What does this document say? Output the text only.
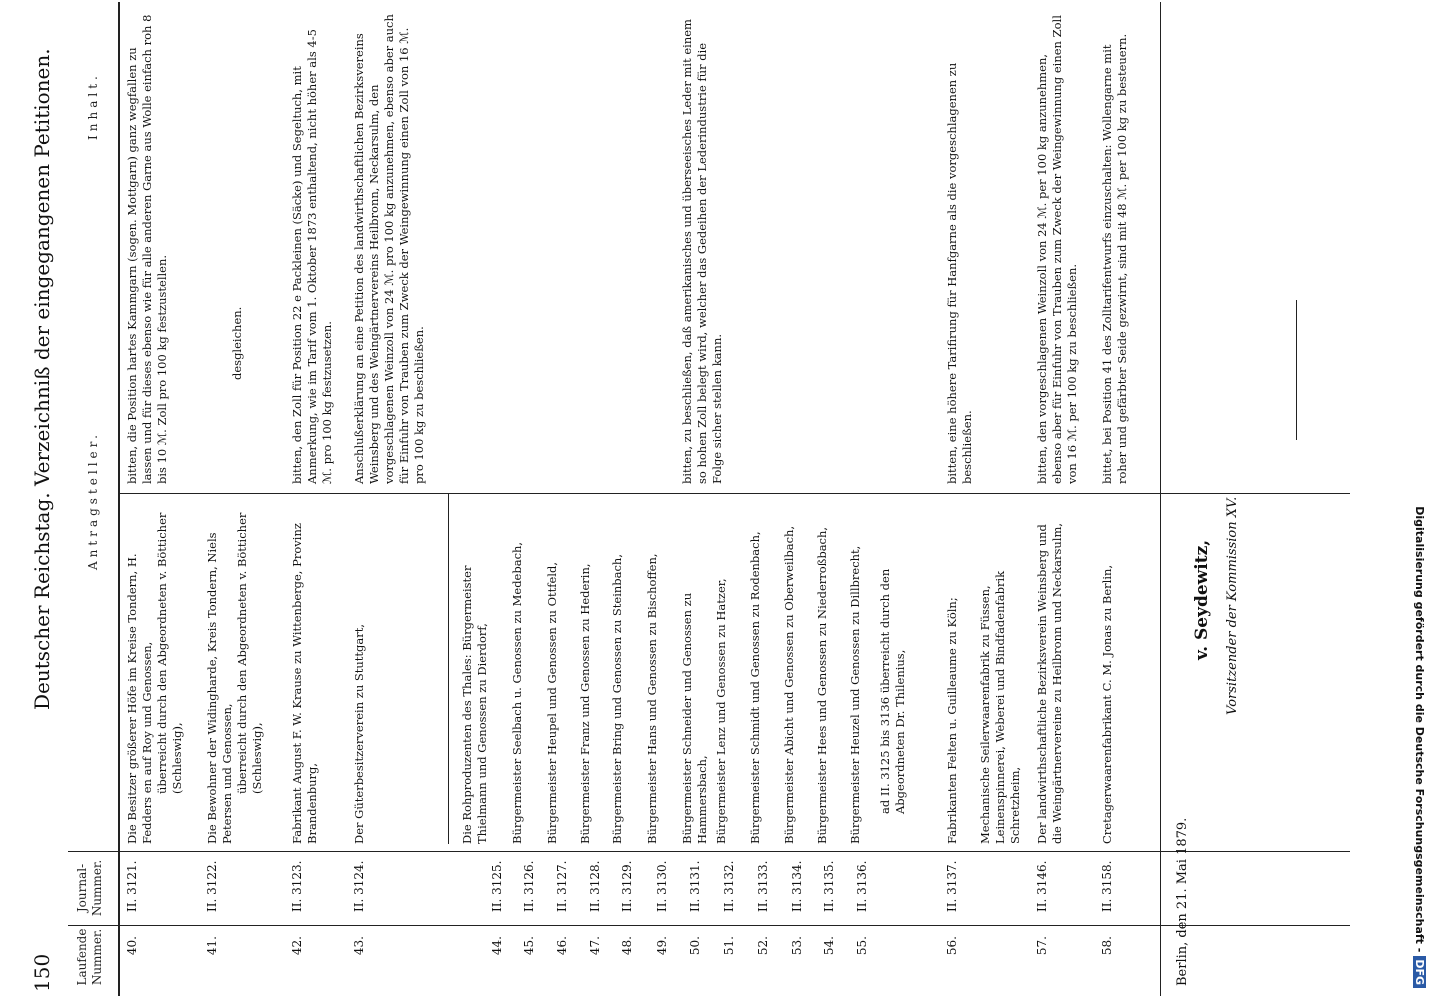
150
Deutscher Reichstag. Verzeichniß der eingegangenen Petitionen.
Laufende Nummer.
Journal-Nummer.
Antragsteller.
Inhalt.
40.
II. 3121.
Die Besitzer größerer Höfe im Kreise Tondern, H. Fedders en auf Roy und Genossen, überreicht durch den Abgeordneten v. Bötticher (Schleswig),
bitten, die Position hartes Kammgarn (sogen. Mottgarn) ganz wegfallen zu lassen und für dieses ebenso wie für alle anderen Garne aus Wolle einfach roh 8 bis 10 ℳ. Zoll pro 100 kg festzustellen.
41.
II. 3122.
Die Bewohner der Widingharde, Kreis Tondern, Niels Petersen und Genossen, überreicht durch den Abgeordneten v. Bötticher (Schleswig),
desgleichen.
42.
II. 3123.
Fabrikant August F. W. Krause zu Wittenberge, Provinz Brandenburg,
bitten, den Zoll für Position 22 e Packleinen (Säcke) und Segeltuch, mit Anmerkung, wie im Tarif vom 1. Oktober 1873 enthaltend, nicht höher als 4-5 ℳ. pro 100 kg festzusetzen.
43.
II. 3124.
Der Güterbesitzerverein zu Stuttgart,
Anschlußerklärung an eine Petition des landwirthschaftlichen Bezirksvereins Weinsberg und des Weingärtnervereins Heilbronn, Neckarsulm, den vorgeschlagenen Weinzoll von 24 ℳ. pro 100 kg anzunehmen, ebenso aber auch für Einfuhr von Trauben zum Zweck der Weingewinnung einen Zoll von 16 ℳ. pro 100 kg zu beschließen.
44.
II. 3125.
Die Rohproduzenten des Thales: Bürgermeister Thielmann und Genossen zu Dierdorf,
45.
II. 3126.
Bürgermeister Seelbach u. Genossen zu Medebach,
46.
II. 3127.
Bürgermeister Heupel und Genossen zu Ottfeld,
47.
II. 3128.
Bürgermeister Franz und Genossen zu Hederin,
48.
II. 3129.
Bürgermeister Bring und Genossen zu Steinbach,
49.
II. 3130.
Bürgermeister Hans und Genossen zu Bischoffen,
50.
II. 3131.
Bürgermeister Schneider und Genossen zu Hammersbach,
bitten, zu beschließen, daß amerikanisches und überseeisches Leder mit einem so hohen Zoll belegt wird, welcher das Gedeihen der Lederindustrie für die Folge sicher stellen kann.
51.
II. 3132.
Bürgermeister Lenz und Genossen zu Hatzer,
52.
II. 3133.
Bürgermeister Schmidt und Genossen zu Rodenbach,
53.
II. 3134.
Bürgermeister Abicht und Genossen zu Oberweilbach,
54.
II. 3135.
Bürgermeister Hees und Genossen zu Niederroßbach,
55.
II. 3136.
Bürgermeister Heuzel und Genossen zu Dillbrecht, ad II. 3125 bis 3136 überreicht durch den Abgeordneten Dr. Thilenius,
56.
II. 3137.
Fabrikanten Felten u. Guilleaume zu Köln; Mechanische Seilerwaarenfabrik zu Füssen, Leinenspinnerei, Weberei und Bindfadenfabrik Schretzheim,
bitten, eine höhere Tarifirung für Hanfgarne als die vorgeschlagenen zu beschließen.
57.
II. 3146.
Der landwirthschaftliche Bezirksverein Weinsberg und die Weingärtnervereine zu Heilbronn und Neckarsulm,
bitten, den vorgeschlagenen Weinzoll von 24 ℳ. per 100 kg anzunehmen, ebenso aber für Einfuhr von Trauben zum Zweck der Weingewinnung einen Zoll von 16 ℳ. per 100 kg zu beschließen.
58.
II. 3158.
Cretagerwaarenfabrikant C. M. Jonas zu Berlin,
bittet, bei Position 41 des Zolltarifentwurfs einzuschalten: Wollengarne mit roher und gefärbter Seide gezwirnt, sind mit 48 ℳ. per 100 kg zu besteuern.
Berlin, den 21. Mai 1879.
v. Seydewitz, Vorsitzender der Kommission XV.	Digitalisierung gefördert durch die Deutsche Forschungsgemeinschaft -DFG
